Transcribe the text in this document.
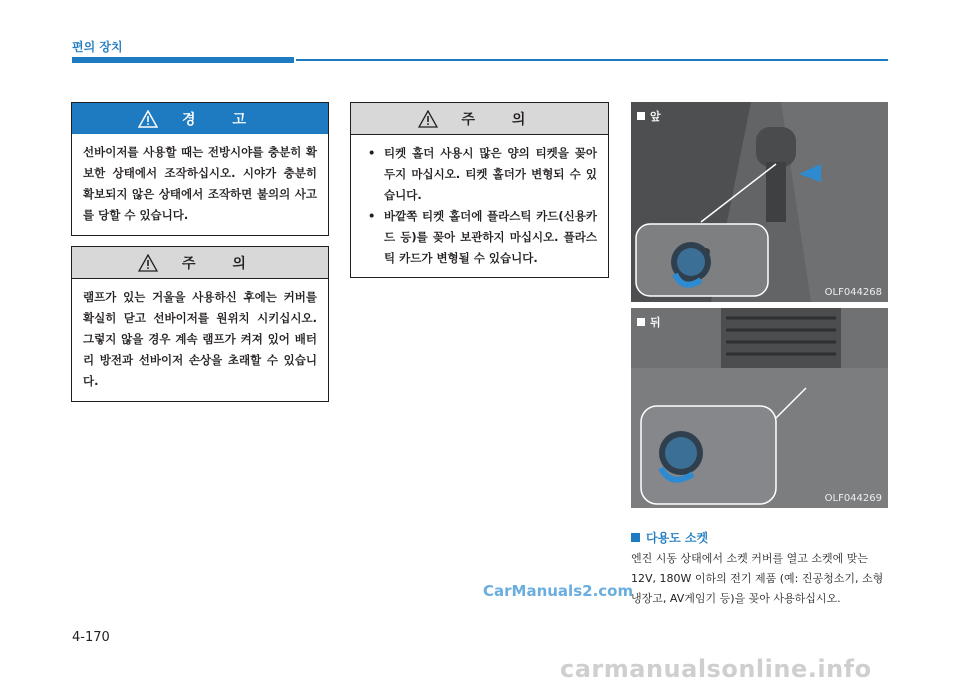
편의 장치
경 고
선바이저를 사용할 때는 전방시야를 충분히 확보한 상태에서 조작하십시오. 시야가 충분히 확보되지 않은 상태에서 조작하면 불의의 사고를 당할 수 있습니다.
주 의
램프가 있는 거울을 사용하신 후에는 커버를 확실히 닫고 선바이저를 원위치 시키십시오. 그렇지 않을 경우 계속 램프가 켜져 있어 배터리 방전과 선바이저 손상을 초래할 수 있습니다.
주 의
• 티켓 홀더 사용시 많은 양의 티켓을 꽂아 두지 마십시오. 티켓 홀더가 변형되 수 있습니다.
• 바깥쪽 티켓 홀더에 플라스틱 카드(신용카드 등)를 꽂아 보관하지 마십시오. 플라스틱 카드가 변형될 수 있습니다.
앞
OLF044268
뒤
OLF044269
다용도 소켓
엔진 시동 상태에서 소켓 커버를 열고 소켓에 맞는 12V, 180W 이하의 전기 제품 (예: 진공청소기, 소형냉장고, AV게임기 등)을 꽂아 사용하십시오.
CarManuals2.com
4-170
carmanualsonline.info
